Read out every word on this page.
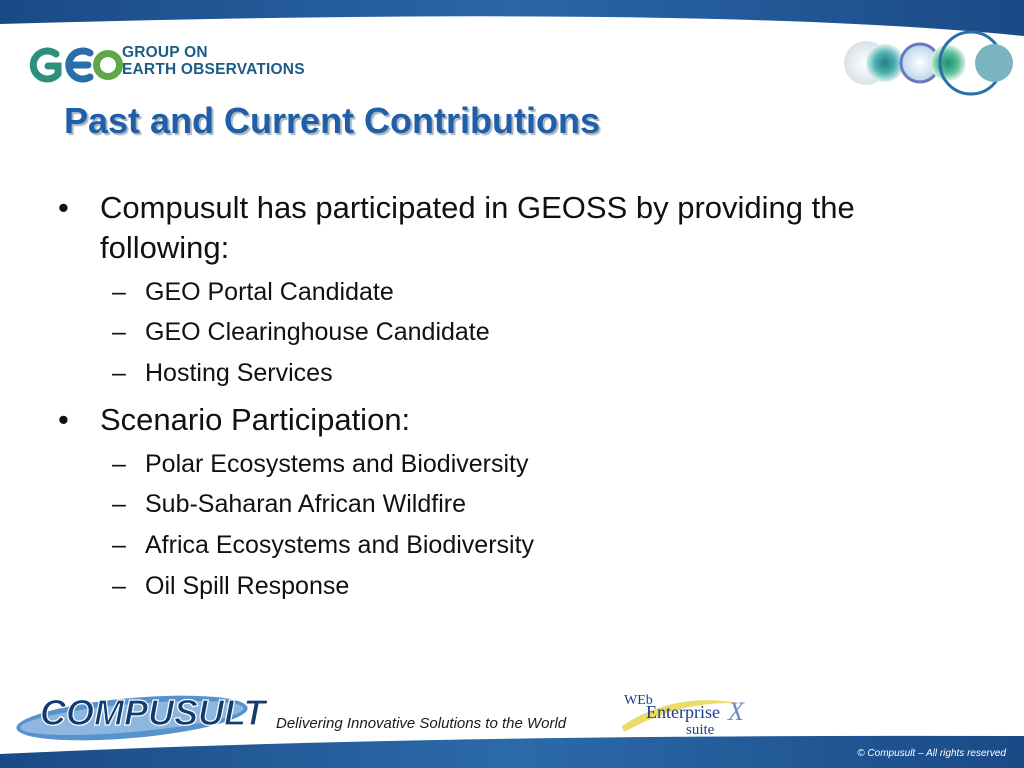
GROUP ON
EARTH OBSERVATIONS
Past and Current Contributions
•	Compusult has participated in GEOSS by providing the following:
– GEO Portal Candidate
– GEO Clearinghouse Candidate
– Hosting Services
•	Scenario Participation:
– Polar Ecosystems and Biodiversity
– Sub-Saharan African Wildfire
– Africa Ecosystems and Biodiversity
– Oil Spill Response
COMPUSULT Delivering Innovative Solutions to the World
WEb
Enterprise
suite
X
© Compusult – All rights reserved
